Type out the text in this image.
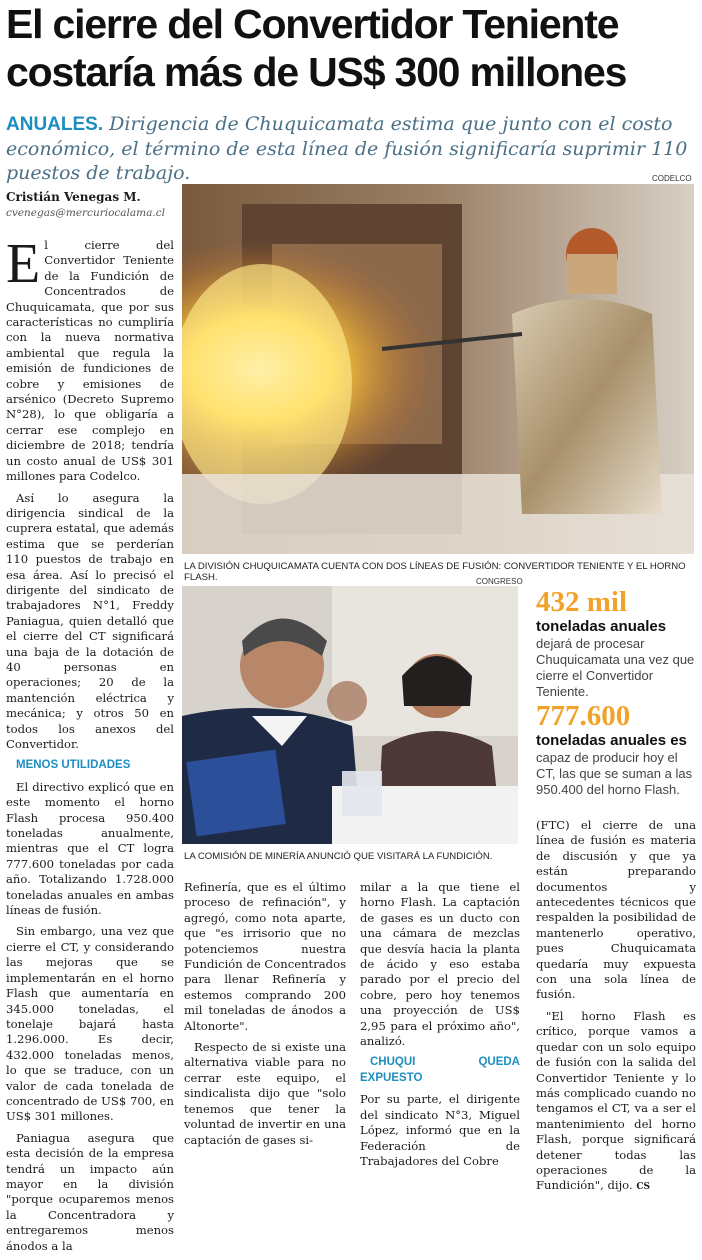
El cierre del Convertidor Teniente costaría más de US$ 300 millones
ANUALES. Dirigencia de Chuquicamata estima que junto con el costo económico, el término de esta línea de fusión significaría suprimir 110 puestos de trabajo.
Cristián Venegas M.
cvenegas@mercuriocalama.cl

El cierre del Convertidor Teniente de la Fundición de Concentrados de Chuquicamata, que por sus características no cumpliría con la nueva normativa ambiental que regula la emisión de fundiciones de cobre y emisiones de arsénico (Decreto Supremo N°28), lo que obligaría a cerrar ese complejo en diciembre de 2018; tendría un costo anual de US$ 301 millones para Codelco.

Así lo asegura la dirigencia sindical de la cuprera estatal, que además estima que se perderían 110 puestos de trabajo en esa área. Así lo precisó el dirigente del sindicato de trabajadores N°1, Freddy Paniagua, quien detalló que el cierre del CT significará una baja de la dotación de 40 personas en operaciones; 20 de la mantención eléctrica y mecánica; y otros 50 en todos los anexos del Convertidor.

MENOS UTILIDADES

El directivo explicó que en este momento el horno Flash procesa 950.400 toneladas anualmente, mientras que el CT logra 777.600 toneladas por cada año. Totalizando 1.728.000 toneladas anuales en ambas líneas de fusión.

Sin embargo, una vez que cierre el CT, y considerando las mejoras que se implementarán en el horno Flash que aumentaría en 345.000 toneladas, el tonelaje bajará hasta 1.296.000. Es decir, 432.000 toneladas menos, lo que se traduce, con un valor de cada tonelada de concentrado de US$ 700, en US$ 301 millones.

Paniagua asegura que esta decisión de la empresa tendrá un impacto aún mayor en la división "porque ocuparemos menos la Concentradora y entregaremos menos ánodos a la

CODELCO
LA DIVISIÓN CHUQUICAMATA CUENTA CON DOS LÍNEAS DE FUSIÓN: CONVERTIDOR TENIENTE Y EL HORNO FLASH.	CONGRESO
LA COMISIÓN DE MINERÍA ANUNCIÓ QUE VISITARÁ LA FUNDICIÓN.
432 mil
toneladas anuales
dejará de procesar Chuquicamata una vez que cierre el Convertidor Teniente.
777.600
toneladas anuales es
capaz de producir hoy el CT, las que se suman a las 950.400 del horno Flash.

Refinería, que es el último proceso de refinación", y agregó, como nota aparte, que "es irrisorio que no potenciemos nuestra Fundición de Concentrados para llenar Refinería y estemos comprando 200 mil toneladas de ánodos a Altonorte".

Respecto de si existe una alternativa viable para no cerrar este equipo, el sindicalista dijo que "solo tenemos que tener la voluntad de invertir en una captación de gases si-

milar a la que tiene el horno Flash. La captación de gases es un ducto con una cámara de mezclas que desvía hacia la planta de ácido y eso estaba parado por el precio del cobre, pero hoy tenemos una proyección de US$ 2,95 para el próximo año", analizó.

CHUQUI QUEDA EXPUESTO

Por su parte, el dirigente del sindicato N°3, Miguel López, informó que en la Federación de Trabajadores del Cobre

(FTC) el cierre de una línea de fusión es materia de discusión y que ya están preparando documentos y antecedentes técnicos que respalden la posibilidad de mantenerlo operativo, pues Chuquicamata quedaría muy expuesta con una sola línea de fusión.

"El horno Flash es crítico, porque vamos a quedar con un solo equipo de fusión con la salida del Convertidor Teniente y lo más complicado cuando no tengamos el CT, va a ser el mantenimiento del horno Flash, porque significará detener todas las operaciones de la Fundición", dijo. CS
